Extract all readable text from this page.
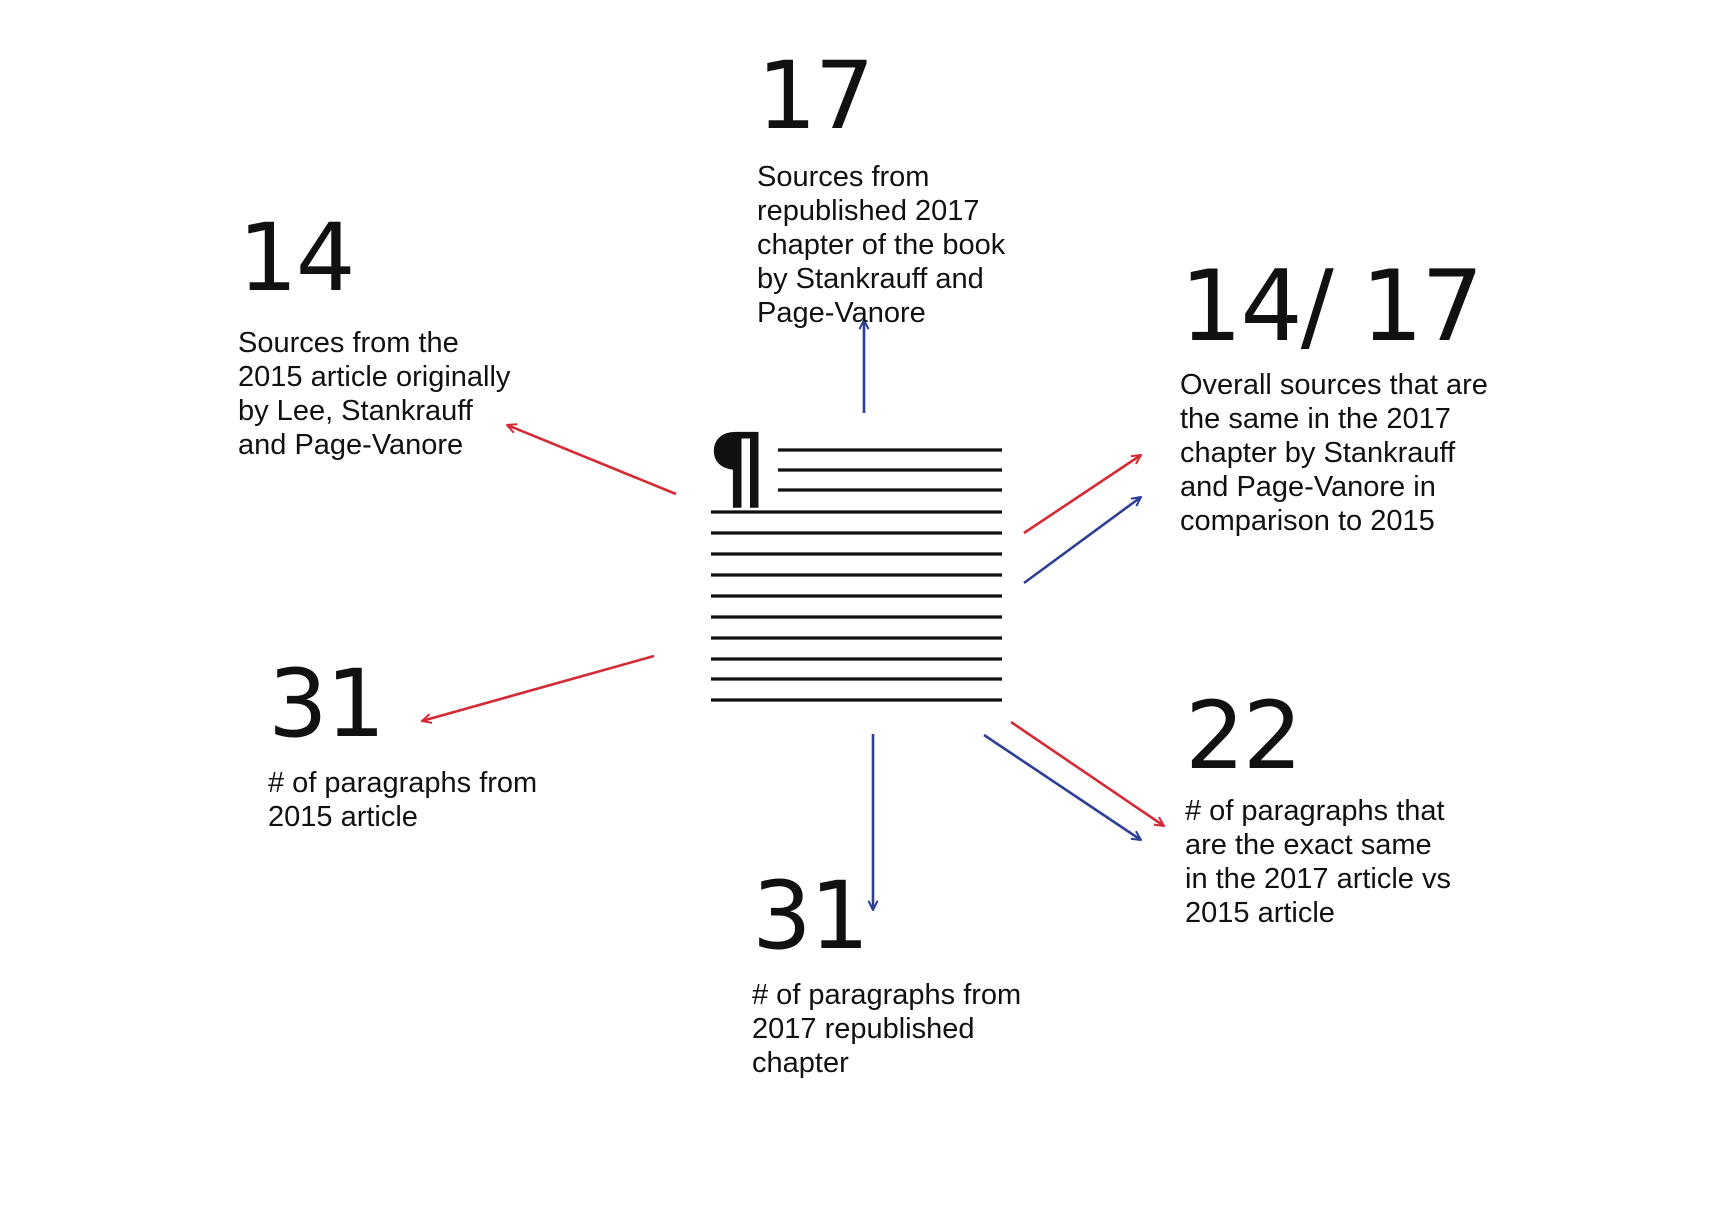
¶
17
Sources from
republished 2017
chapter of the book
by Stankrauff and
Page-Vanore
14
Sources from the
2015 article originally
by Lee, Stankrauff
and Page-Vanore
14/ 17
Overall sources that are
the same in the 2017
chapter by Stankrauff
and Page-Vanore in
comparison to 2015
31
# of paragraphs from
2015 article
22
# of paragraphs that
are the exact same
in the 2017 article vs
2015 article
31
# of paragraphs from
2017 republished
chapter
